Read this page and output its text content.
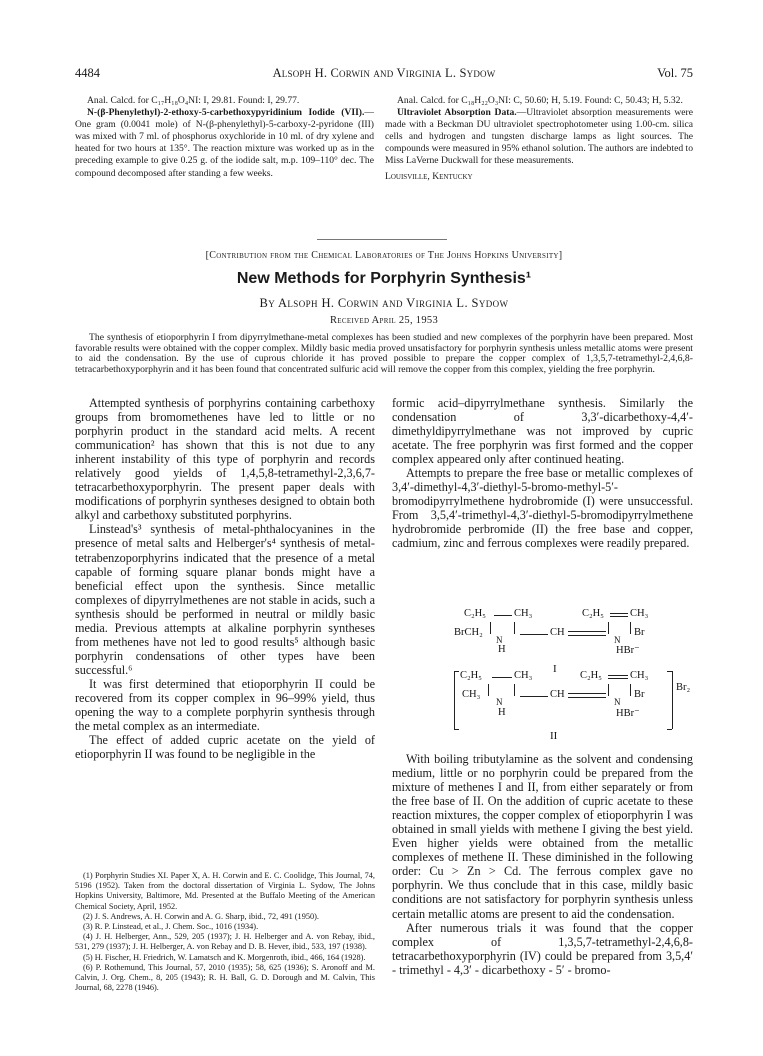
4484	Alsoph H. Corwin and Virginia L. Sydow	Vol. 75

Anal. Calcd. for C₁₇H₁₈O₄NI: I, 29.81. Found: I, 29.77.

N-(β-Phenylethyl)-2-ethoxy-5-carbethoxypyridinium Iodide (VII).—One gram (0.0041 mole) of N-(β-phenylethyl)-5-carboxy-2-pyridone (III) was mixed with 7 ml. of phosphorus oxychloride in 10 ml. of dry xylene and heated for two hours at 135°. The reaction mixture was worked up as in the preceding example to give 0.25 g. of the iodide salt, m.p. 109–110° dec. The compound decomposed after standing a few weeks.

Anal. Calcd. for C₁₈H₂₂O₃NI: C, 50.60; H, 5.19. Found: C, 50.43; H, 5.32.

Ultraviolet Absorption Data.—Ultraviolet absorption measurements were made with a Beckman DU ultraviolet spectrophotometer using 1.00-cm. silica cells and hydrogen and tungsten discharge lamps as light sources. The compounds were measured in 95% ethanol solution. The authors are indebted to Miss LaVerne Duckwall for these measurements.

Louisville, Kentucky

[Contribution from the Chemical Laboratories of The Johns Hopkins University]
New Methods for Porphyrin Synthesis¹
By Alsoph H. Corwin and Virginia L. Sydow
Received April 25, 1953
The synthesis of etioporphyrin I from dipyrrylmethane-metal complexes has been studied and new complexes of the porphyrin have been prepared. Most favorable results were obtained with the copper complex. Mildly basic media proved unsatisfactory for porphyrin synthesis unless metallic atoms were present to aid the condensation. By the use of cuprous chloride it has proved possible to prepare the copper complex of 1,3,5,7-tetramethyl-2,4,6,8-tetracarbethoxyporphyrin and it has been found that concentrated sulfuric acid will remove the copper from this complex, yielding the free porphyrin.

Attempted synthesis of porphyrins containing carbethoxy groups from bromomethenes have led to little or no porphyrin product in the standard acid melts. A recent communication² has shown that this is not due to any inherent instability of this type of porphyrin and records relatively good yields of 1,4,5,8-tetramethyl-2,3,6,7-tetracarbethoxyporphyrin. The present paper deals with modifications of porphyrin syntheses designed to obtain both alkyl and carbethoxy substituted porphyrins.

Linstead's³ synthesis of metal-phthalocyanines in the presence of metal salts and Helberger's⁴ synthesis of metal-tetrabenzoporphyrins indicated that the presence of a metal capable of forming square planar bonds might have a beneficial effect upon the synthesis. Since metallic complexes of dipyrrylmethenes are not stable in acids, such a synthesis should be performed in neutral or mildly basic media. Previous attempts at alkaline porphyrin syntheses from methenes have not led to good results⁵ although basic porphyrin condensations of other types have been successful.⁶

It was first determined that etioporphyrin II could be recovered from its copper complex in 96–99% yield, thus opening the way to a complete porphyrin synthesis through the metal complex as an intermediate.

The effect of added cupric acetate on the yield of etioporphyrin II was found to be negligible in the

(1) Porphyrin Studies XI. Paper X, A. H. Corwin and E. C. Coolidge, This Journal, 74, 5196 (1952). Taken from the doctoral dissertation of Virginia L. Sydow, The Johns Hopkins University, Baltimore, Md. Presented at the Buffalo Meeting of the American Chemical Society, April, 1952.

(2) J. S. Andrews, A. H. Corwin and A. G. Sharp, ibid., 72, 491 (1950).

(3) R. P. Linstead, et al., J. Chem. Soc., 1016 (1934).

(4) J. H. Helberger, Ann., 529, 205 (1937); J. H. Helberger and A. von Rebay, ibid., 531, 279 (1937); J. H. Helberger, A. von Rebay and D. B. Hever, ibid., 533, 197 (1938).

(5) H. Fischer, H. Friedrich, W. Lamatsch and K. Morgenroth, ibid., 466, 164 (1928).

(6) P. Rothemund, This Journal, 57, 2010 (1935); 58, 625 (1936); S. Aronoff and M. Calvin, J. Org. Chem., 8, 205 (1943); R. H. Ball, G. D. Dorough and M. Calvin, This Journal, 68, 2278 (1946).

formic acid–dipyrrylmethane synthesis. Similarly the condensation of 3,3′-dicarbethoxy-4,4′-dimethyldipyrrylmethane was not improved by cupric acetate. The free porphyrin was first formed and the copper complex appeared only after continued heating.

Attempts to prepare the free base or metallic complexes of 3,4′-dimethyl-4,3′-diethyl-5-bromo-methyl-5′-bromodipyrrylmethene hydrobromide (I) were unsuccessful. From 3,5,4′-trimethyl-4,3′-diethyl-5-bromodipyrrylmethene hydrobromide perbromide (II) the free base and copper, cadmium, zinc and ferrous complexes were readily prepared.

C₂H₅	CH₃	C₂H₅ CH₃
BrCH₂
N
CH
N
Br
H	HBr⁻
I
C₂H₅	CH₃	C₂H₅	CH₃
CH₃
N
CH
N
Br
Br₂
H	HBr⁻
II

With boiling tributylamine as the solvent and condensing medium, little or no porphyrin could be prepared from the mixture of methenes I and II, from either separately or from the free base of II. On the addition of cupric acetate to these reaction mixtures, the copper complex of etioporphyrin I was obtained in small yields with methene I giving the best yield. Even higher yields were obtained from the metallic complexes of methene II. These diminished in the following order: Cu > Zn > Cd. The ferrous complex gave no porphyrin. We thus conclude that in this case, mildly basic conditions are not satisfactory for porphyrin synthesis unless certain metallic atoms are present to aid the condensation.

After numerous trials it was found that the copper complex of 1,3,5,7-tetramethyl-2,4,6,8-tetracarbethoxyporphyrin (IV) could be prepared from 3,5,4′ - trimethyl - 4,3′ - dicarbethoxy - 5′ - bromo-
